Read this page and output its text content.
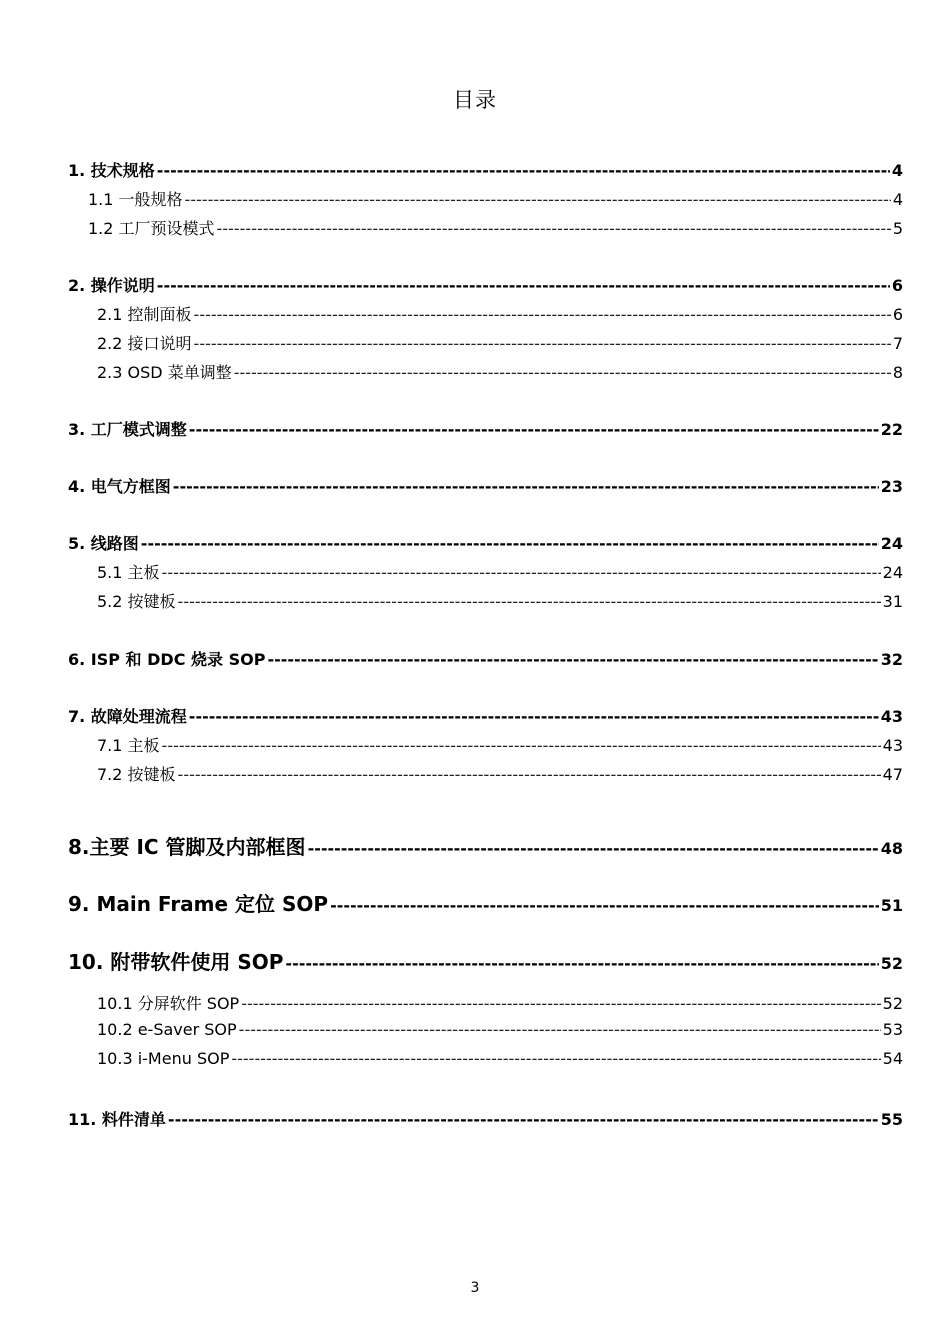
目录
1. 技术规格 -----	4
1.1 一般规格 -----	4
1.2 工厂预设模式 -----	5
2. 操作说明 -----	6
2.1 控制面板 -----	6
2.2 接口说明 -----	7
2.3 OSD 菜单调整 -----	8
3. 工厂模式调整 -----	22
4. 电气方框图 -----	23
5. 线路图 -----	24
5.1 主板 -----	24
5.2 按键板 -----	31
6. ISP 和 DDC 烧录 SOP -----	32
7. 故障处理流程 -----	43
7.1 主板 -----	43
7.2 按键板 -----	47
8.主要 IC 管脚及内部框图 -----	48
9. Main Frame 定位 SOP -----	51
10. 附带软件使用 SOP -----	52
10.1 分屏软件 SOP -----	52
10.2 e-Saver SOP -----	53
10.3 i-Menu SOP -----	54
11. 料件清单 -----	55
3
